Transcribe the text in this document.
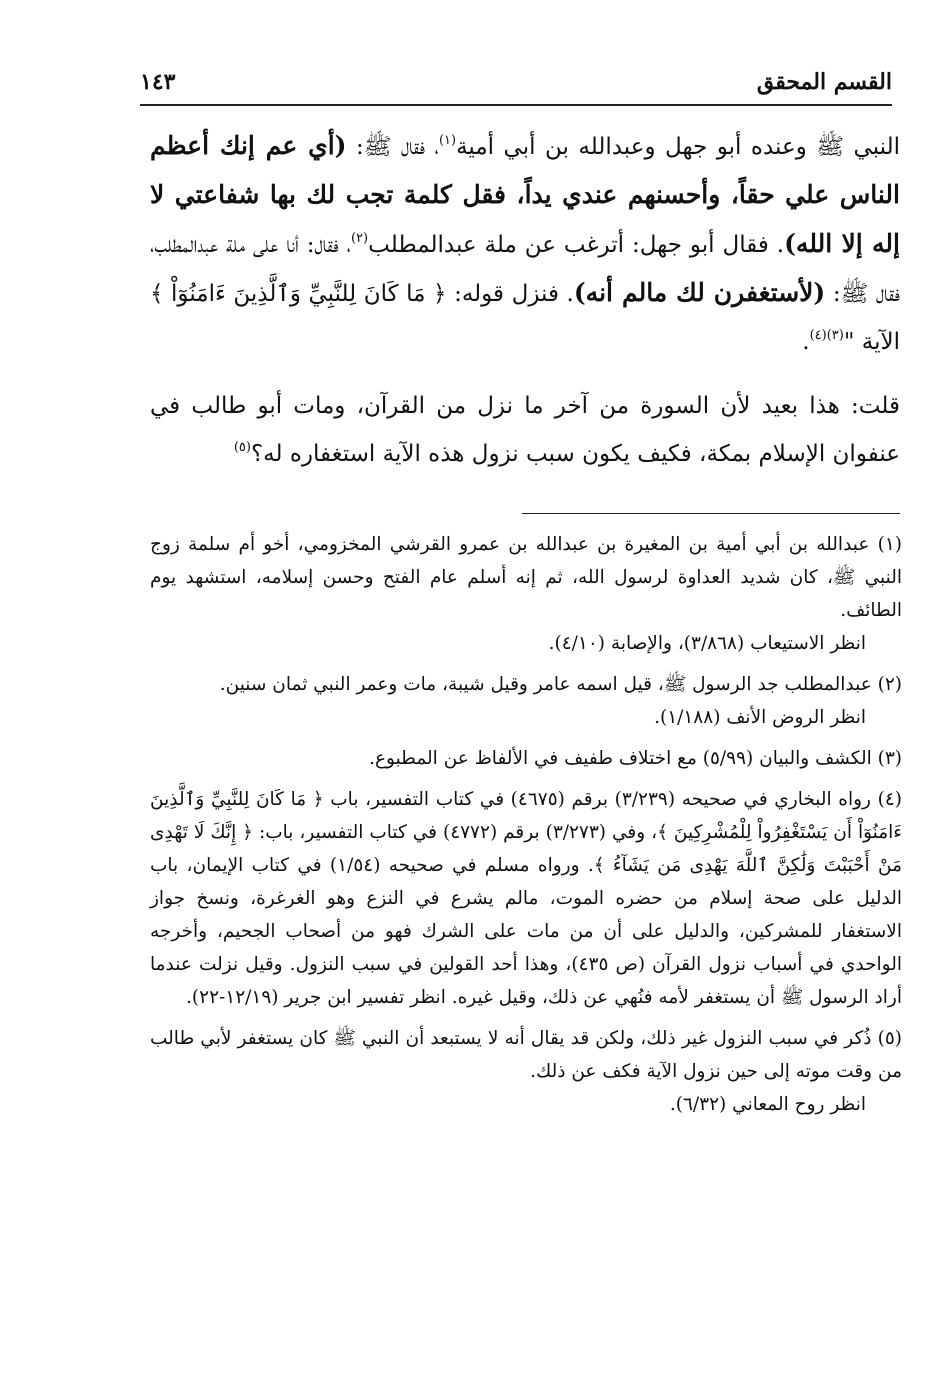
القسم المحقق
١٤٣

النبي ﷺ وعنده أبو جهل وعبدالله بن أبي أمية$^{(١)}$، فقال ﷺ: (أي عم إنك أعظم الناس علي حقاً، وأحسنهم عندي يداً، فقل كلمة تجب لك بها شفاعتي لا إله إلا الله). فقال أبو جهل: أترغب عن ملة عبدالمطلب$^{(٢)}$، فقال: أنا على ملة عبدالمطلب، فقال ﷺ: (لأستغفرن لك مالم أنه). فنزل قوله: ﴿ مَا كَانَ لِلنَّبِيِّ وَٱلَّذِينَ ءَامَنُوٓاْ ﴾ الآية "$^{(٣)(٤)}$.

قلت: هذا بعيد لأن السورة من آخر ما نزل من القرآن، ومات أبو طالب في عنفوان الإسلام بمكة، فكيف يكون سبب نزول هذه الآية استغفاره له؟$^{(٥)}$

(١) عبدالله بن أبي أمية بن المغيرة بن عبدالله بن عمرو القرشي المخزومي، أخو أم سلمة زوج النبي ﷺ، كان شديد العداوة لرسول الله، ثم إنه أسلم عام الفتح وحسن إسلامه، استشهد يوم الطائف.

انظر الاستيعاب (٣/٨٦٨)، والإصابة (٤/١٠).

(٢) عبدالمطلب جد الرسول ﷺ، قيل اسمه عامر وقيل شيبة، مات وعمر النبي ثمان سنين.

انظر الروض الأنف (١/١٨٨).

(٣) الكشف والبيان (٥/٩٩) مع اختلاف طفيف في الألفاظ عن المطبوع.

(٤) رواه البخاري في صحيحه (٣/٢٣٩) برقم (٤٦٧٥) في كتاب التفسير، باب ﴿ مَا كَانَ لِلنَّبِيِّ وَٱلَّذِينَ ءَامَنُوٓاْ أَن يَسْتَغْفِرُواْ لِلْمُشْرِكِينَ ﴾، وفي (٣/٢٧٣) برقم (٤٧٧٢) في كتاب التفسير، باب: ﴿ إِنَّكَ لَا تَهْدِى مَنْ أَحْبَبْتَ وَلَٰكِنَّ ٱللَّهَ يَهْدِى مَن يَشَآءُ ﴾. ورواه مسلم في صحيحه (١/٥٤) في كتاب الإيمان، باب الدليل على صحة إسلام من حضره الموت، مالم يشرع في النزع وهو الغرغرة، ونسخ جواز الاستغفار للمشركين، والدليل على أن من مات على الشرك فهو من أصحاب الجحيم، وأخرجه الواحدي في أسباب نزول القرآن (ص ٤٣٥)، وهذا أحد القولين في سبب النزول. وقيل نزلت عندما أراد الرسول ﷺ أن يستغفر لأمه فنُهي عن ذلك، وقيل غيره. انظر تفسير ابن جرير (١٢/١٩-٢٢).

(٥) ذُكر في سبب النزول غير ذلك، ولكن قد يقال أنه لا يستبعد أن النبي ﷺ كان يستغفر لأبي طالب من وقت موته إلى حين نزول الآية فكف عن ذلك.

انظر روح المعاني (٦/٣٢).
